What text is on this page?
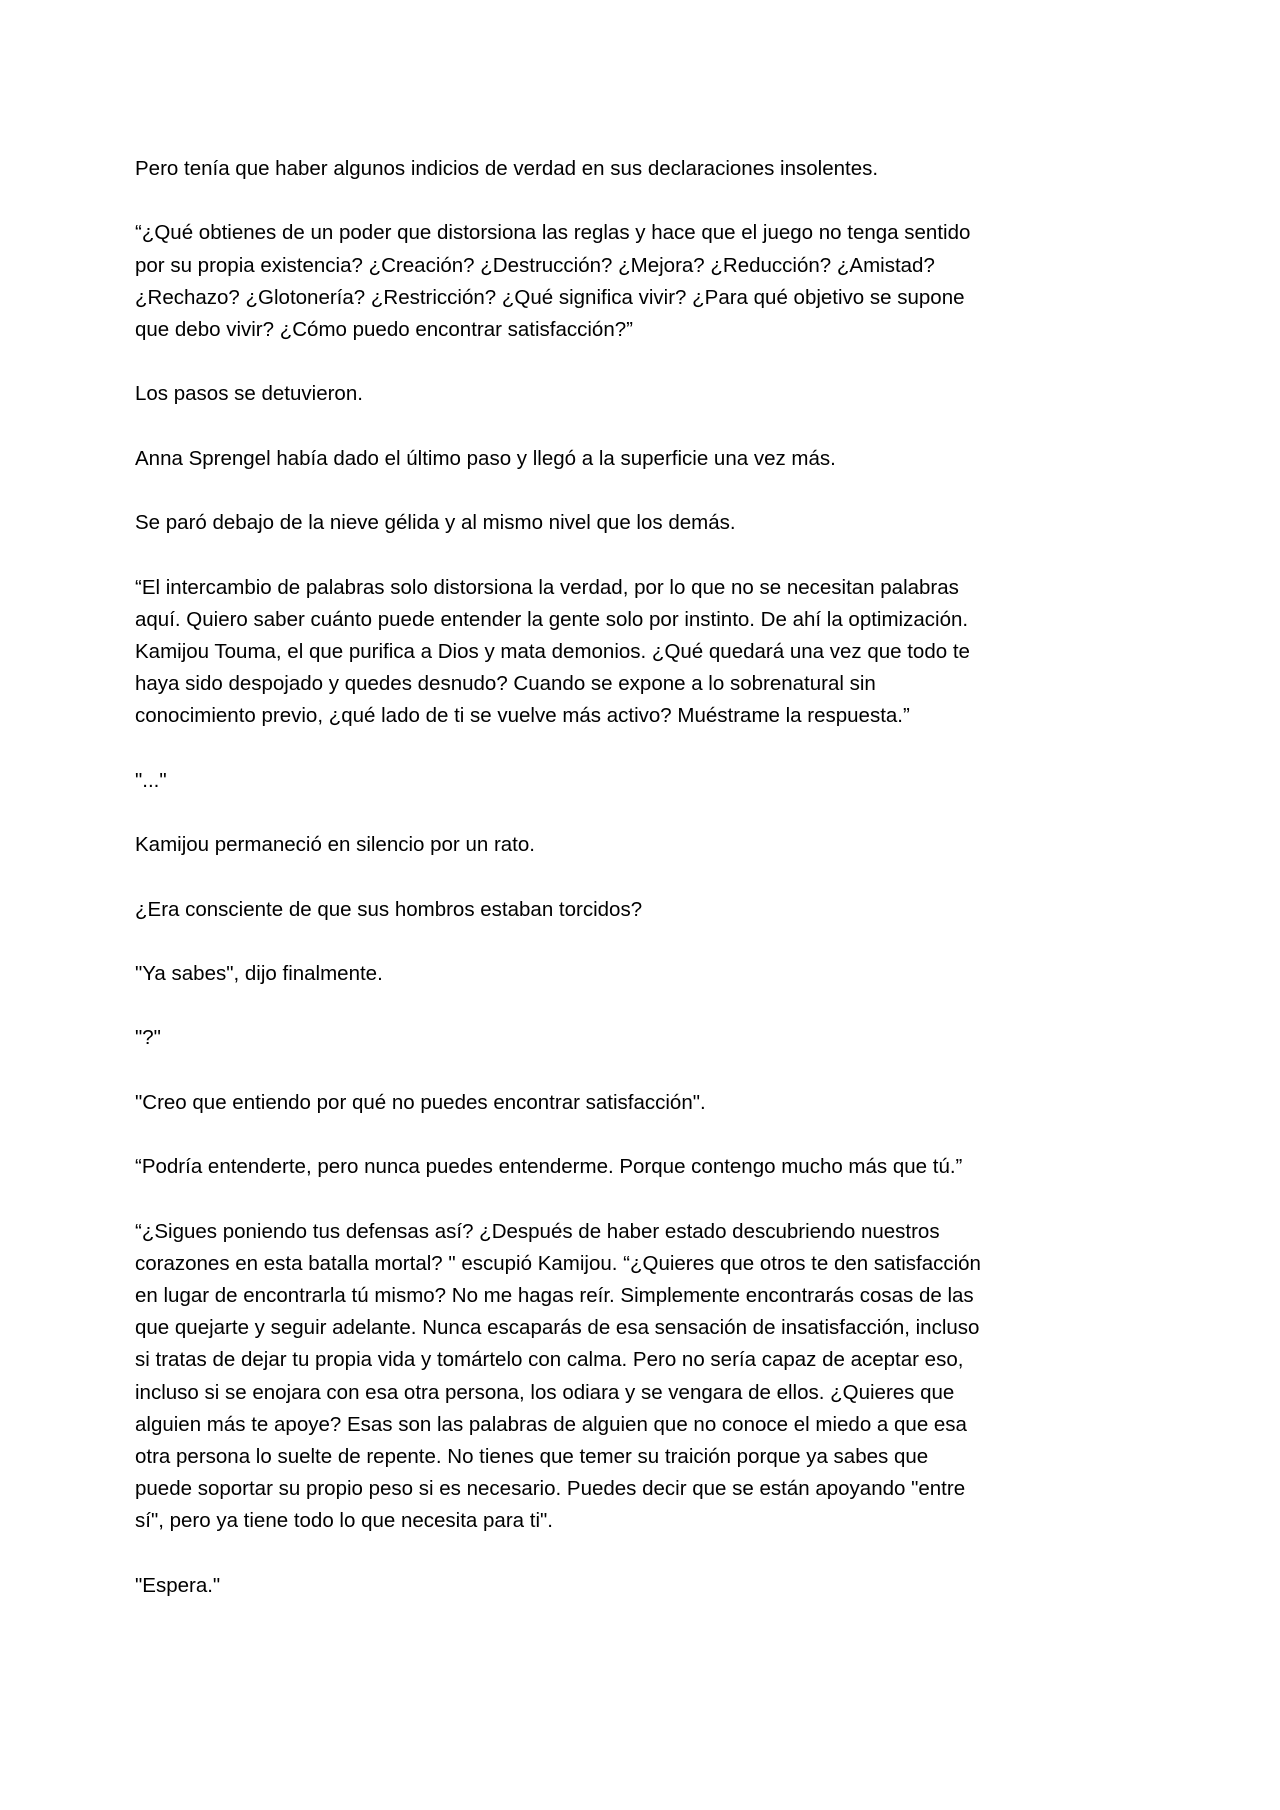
Pero tenía que haber algunos indicios de verdad en sus declaraciones insolentes.

“¿Qué obtienes de un poder que distorsiona las reglas y hace que el juego no tenga sentido por su propia existencia? ¿Creación? ¿Destrucción? ¿Mejora? ¿Reducción? ¿Amistad? ¿Rechazo? ¿Glotonería? ¿Restricción? ¿Qué significa vivir? ¿Para qué objetivo se supone que debo vivir? ¿Cómo puedo encontrar satisfacción?”

Los pasos se detuvieron.

Anna Sprengel había dado el último paso y llegó a la superficie una vez más.

Se paró debajo de la nieve gélida y al mismo nivel que los demás.

“El intercambio de palabras solo distorsiona la verdad, por lo que no se necesitan palabras aquí. Quiero saber cuánto puede entender la gente solo por instinto. De ahí la optimización. Kamijou Touma, el que purifica a Dios y mata demonios. ¿Qué quedará una vez que todo te haya sido despojado y quedes desnudo? Cuando se expone a lo sobrenatural sin conocimiento previo, ¿qué lado de ti se vuelve más activo? Muéstrame la respuesta.”

"..."

Kamijou permaneció en silencio por un rato.

¿Era consciente de que sus hombros estaban torcidos?

"Ya sabes", dijo finalmente.

"?"

"Creo que entiendo por qué no puedes encontrar satisfacción".

“Podría entenderte, pero nunca puedes entenderme. Porque contengo mucho más que tú.”

“¿Sigues poniendo tus defensas así? ¿Después de haber estado descubriendo nuestros corazones en esta batalla mortal? " escupió Kamijou. “¿Quieres que otros te den satisfacción en lugar de encontrarla tú mismo? No me hagas reír. Simplemente encontrarás cosas de las que quejarte y seguir adelante. Nunca escaparás de esa sensación de insatisfacción, incluso si tratas de dejar tu propia vida y tomártelo con calma. Pero no sería capaz de aceptar eso, incluso si se enojara con esa otra persona, los odiara y se vengara de ellos. ¿Quieres que alguien más te apoye? Esas son las palabras de alguien que no conoce el miedo a que esa otra persona lo suelte de repente. No tienes que temer su traición porque ya sabes que puede soportar su propio peso si es necesario. Puedes decir que se están apoyando "entre sí", pero ya tiene todo lo que necesita para ti".

"Espera."
